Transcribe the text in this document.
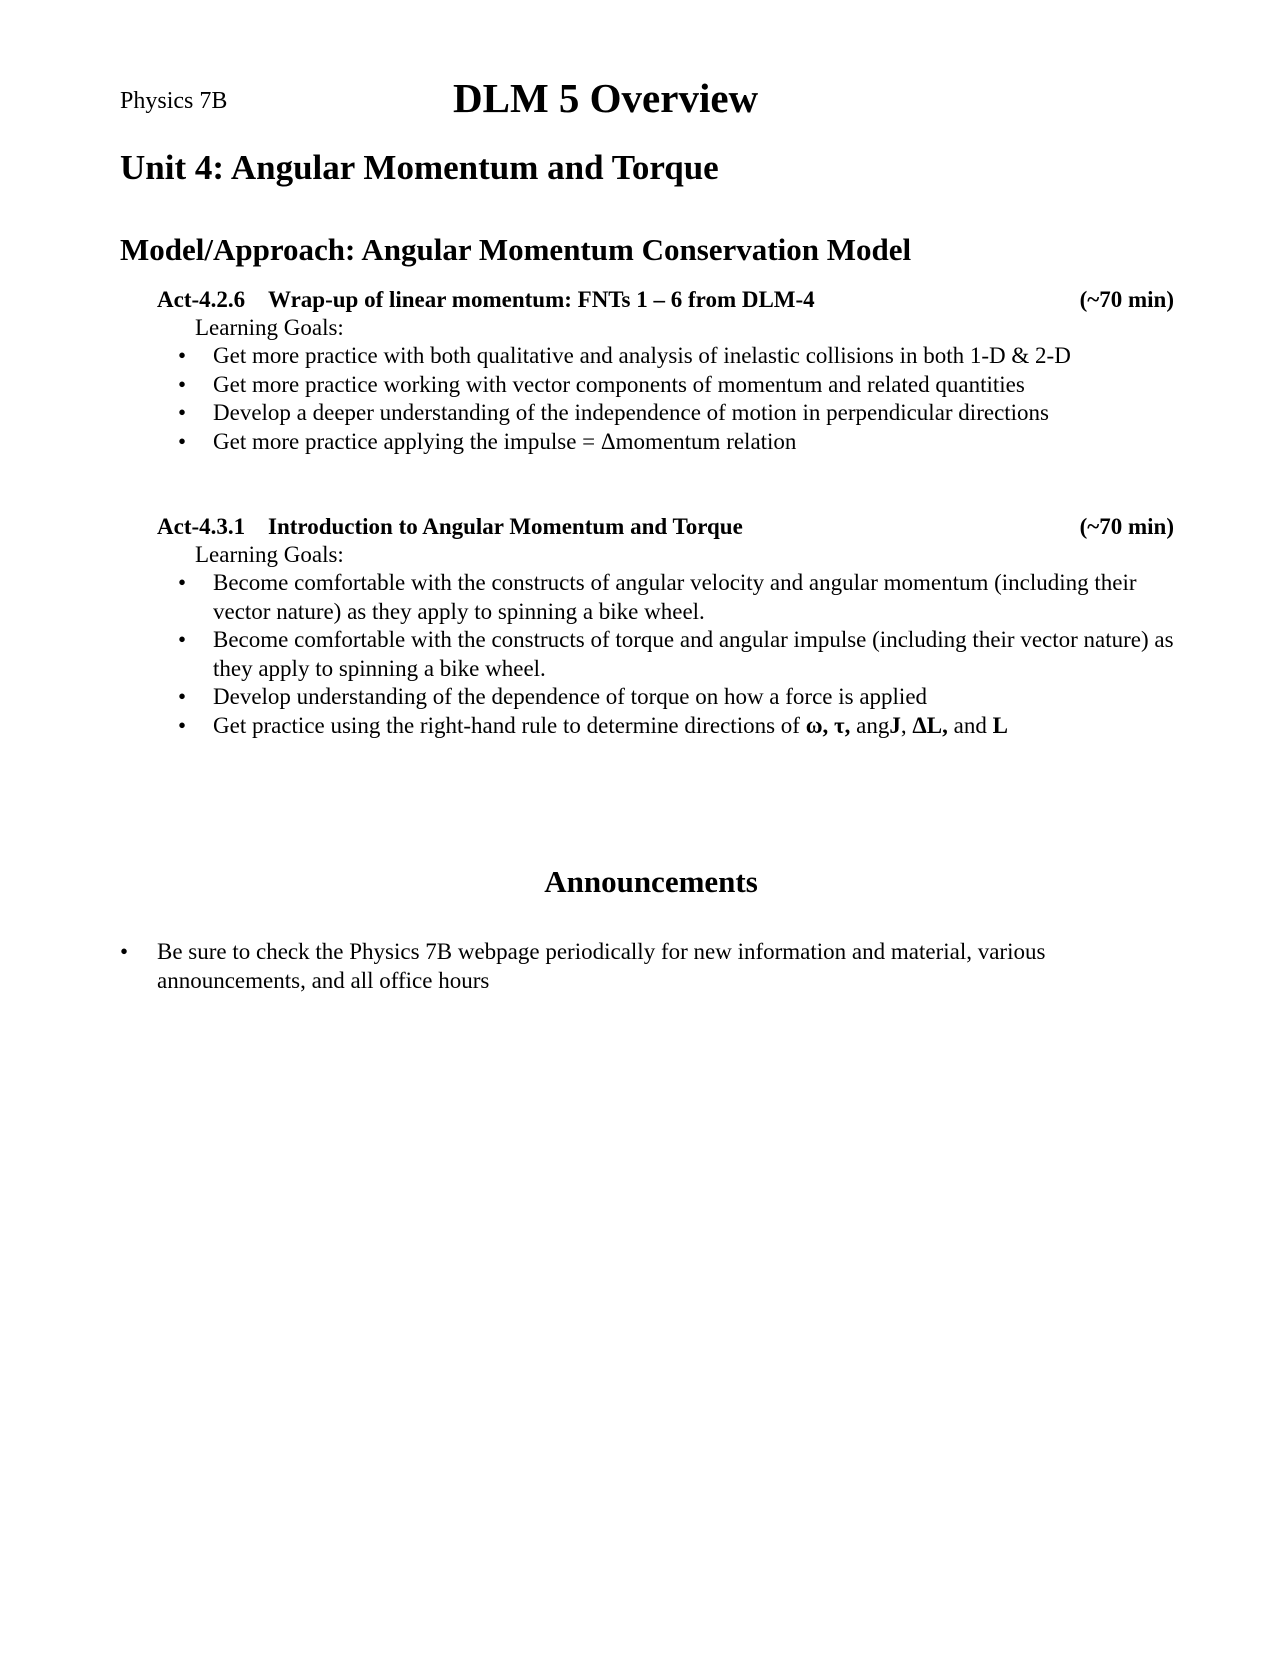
Physics 7B	DLM 5 Overview
Unit 4: Angular Momentum and Torque
Model/Approach: Angular Momentum Conservation Model
Act-4.2.6 Wrap-up of linear momentum: FNTs 1 – 6 from DLM-4	(~70 min)
Learning Goals:
• Get more practice with both qualitative and analysis of inelastic collisions in both 1-D & 2-D
• Get more practice working with vector components of momentum and related quantities
• Develop a deeper understanding of the independence of motion in perpendicular directions
• Get more practice applying the impulse = Δmomentum relation
Act-4.3.1 Introduction to Angular Momentum and Torque	(~70 min)
Learning Goals:
• Become comfortable with the constructs of angular velocity and angular momentum (including their vector nature) as they apply to spinning a bike wheel.
• Become comfortable with the constructs of torque and angular impulse (including their vector nature) as they apply to spinning a bike wheel.
• Develop understanding of the dependence of torque on how a force is applied
• Get practice using the right-hand rule to determine directions of ω, τ, angJ, ΔL, and L
Announcements
• Be sure to check the Physics 7B webpage periodically for new information and material, various announcements, and all office hours
